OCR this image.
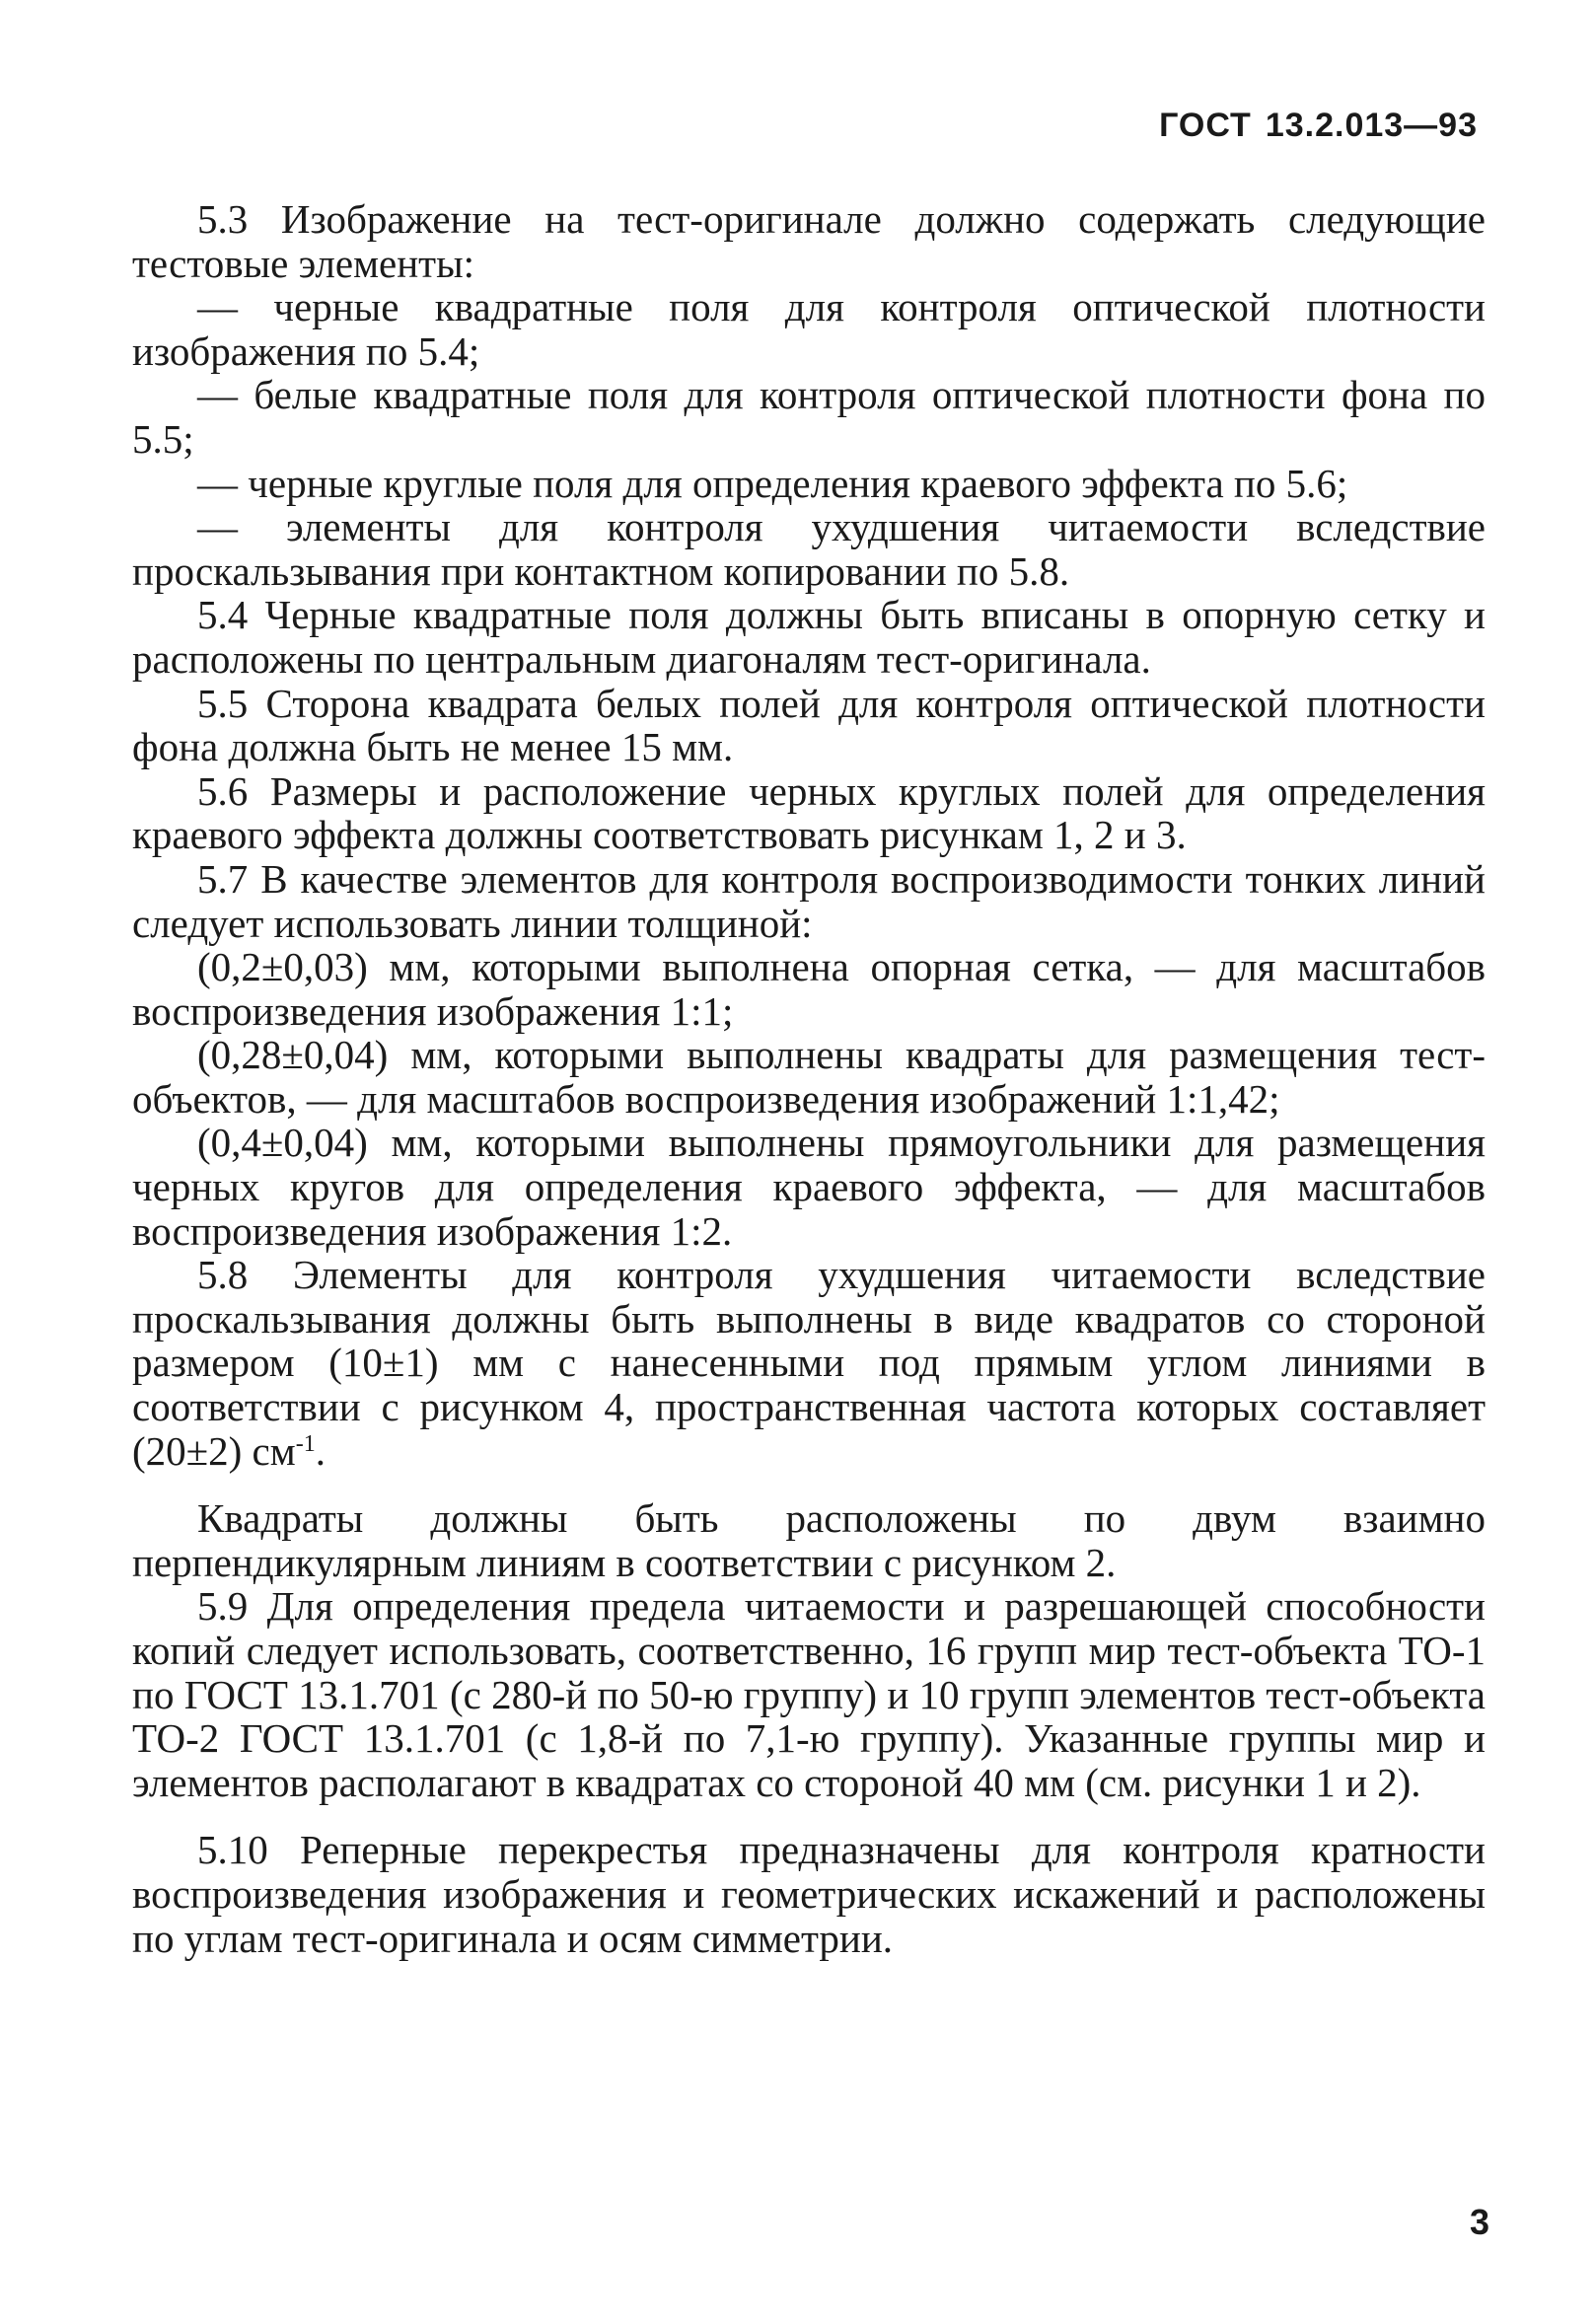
ГОСТ 13.2.013—93

5.3 Изображение на тест-оригинале должно содержать следующие тестовые элементы:

— черные квадратные поля для контроля оптической плотности изображения по 5.4;

— белые квадратные поля для контроля оптической плотности фона по 5.5;

— черные круглые поля для определения краевого эффекта по 5.6;

— элементы для контроля ухудшения читаемости вследствие проскальзывания при контактном копировании по 5.8.

5.4 Черные квадратные поля должны быть вписаны в опорную сетку и расположены по центральным диагоналям тест-оригинала.

5.5 Сторона квадрата белых полей для контроля оптической плотности фона должна быть не менее 15 мм.

5.6 Размеры и расположение черных круглых полей для определения краевого эффекта должны соответствовать рисункам 1, 2 и 3.

5.7 В качестве элементов для контроля воспроизводимости тонких линий следует использовать линии толщиной:

(0,2±0,03) мм, которыми выполнена опорная сетка, — для масштабов воспроизведения изображения 1:1;

(0,28±0,04) мм, которыми выполнены квадраты для размещения тест-объектов, — для масштабов воспроизведения изображений 1:1,42;

(0,4±0,04) мм, которыми выполнены прямоугольники для размещения черных кругов для определения краевого эффекта, — для масштабов воспроизведения изображения 1:2.

5.8 Элементы для контроля ухудшения читаемости вследствие проскальзывания должны быть выполнены в виде квадратов со стороной размером (10±1) мм с нанесенными под прямым углом линиями в соответствии с рисунком 4, пространственная частота которых составляет (20±2) $см^{-1}$.

Квадраты должны быть расположены по двум взаимно перпендикулярным линиям в соответствии с рисунком 2.

5.9 Для определения предела читаемости и разрешающей способности копий следует использовать, соответственно, 16 групп мир тест-объекта ТО-1 по ГОСТ 13.1.701 (с 280-й по 50-ю группу) и 10 групп элементов тест-объекта ТО-2 ГОСТ 13.1.701 (с 1,8-й по 7,1-ю группу). Указанные группы мир и элементов располагают в квадратах со стороной 40 мм (см. рисунки 1 и 2).

5.10 Реперные перекрестья предназначены для контроля кратности воспроизведения изображения и геометрических искажений и расположены по углам тест-оригинала и осям симметрии.

3
